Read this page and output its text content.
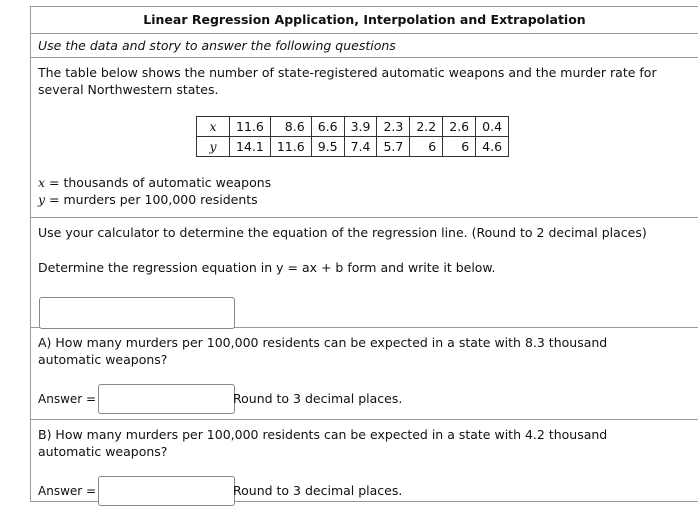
Linear Regression Application, Interpolation and Extrapolation
Use the data and story to answer the following questions
The table below shows the number of state-registered automatic weapons and the murder rate for several Northwestern states.
x	11.6	8.6	6.6	3.9	2.3	2.2	2.6	0.4
y	14.1	11.6	9.5	7.4	5.7	6	6	4.6
x = thousands of automatic weapons
y = murders per 100,000 residents
Use your calculator to determine the equation of the regression line. (Round to 2 decimal places)
Determine the regression equation in y = ax + b form and write it below.
A) How many murders per 100,000 residents can be expected in a state with 8.3 thousand automatic weapons?
Answer =	Round to 3 decimal places.
B) How many murders per 100,000 residents can be expected in a state with 4.2 thousand automatic weapons?
Answer =	Round to 3 decimal places.
